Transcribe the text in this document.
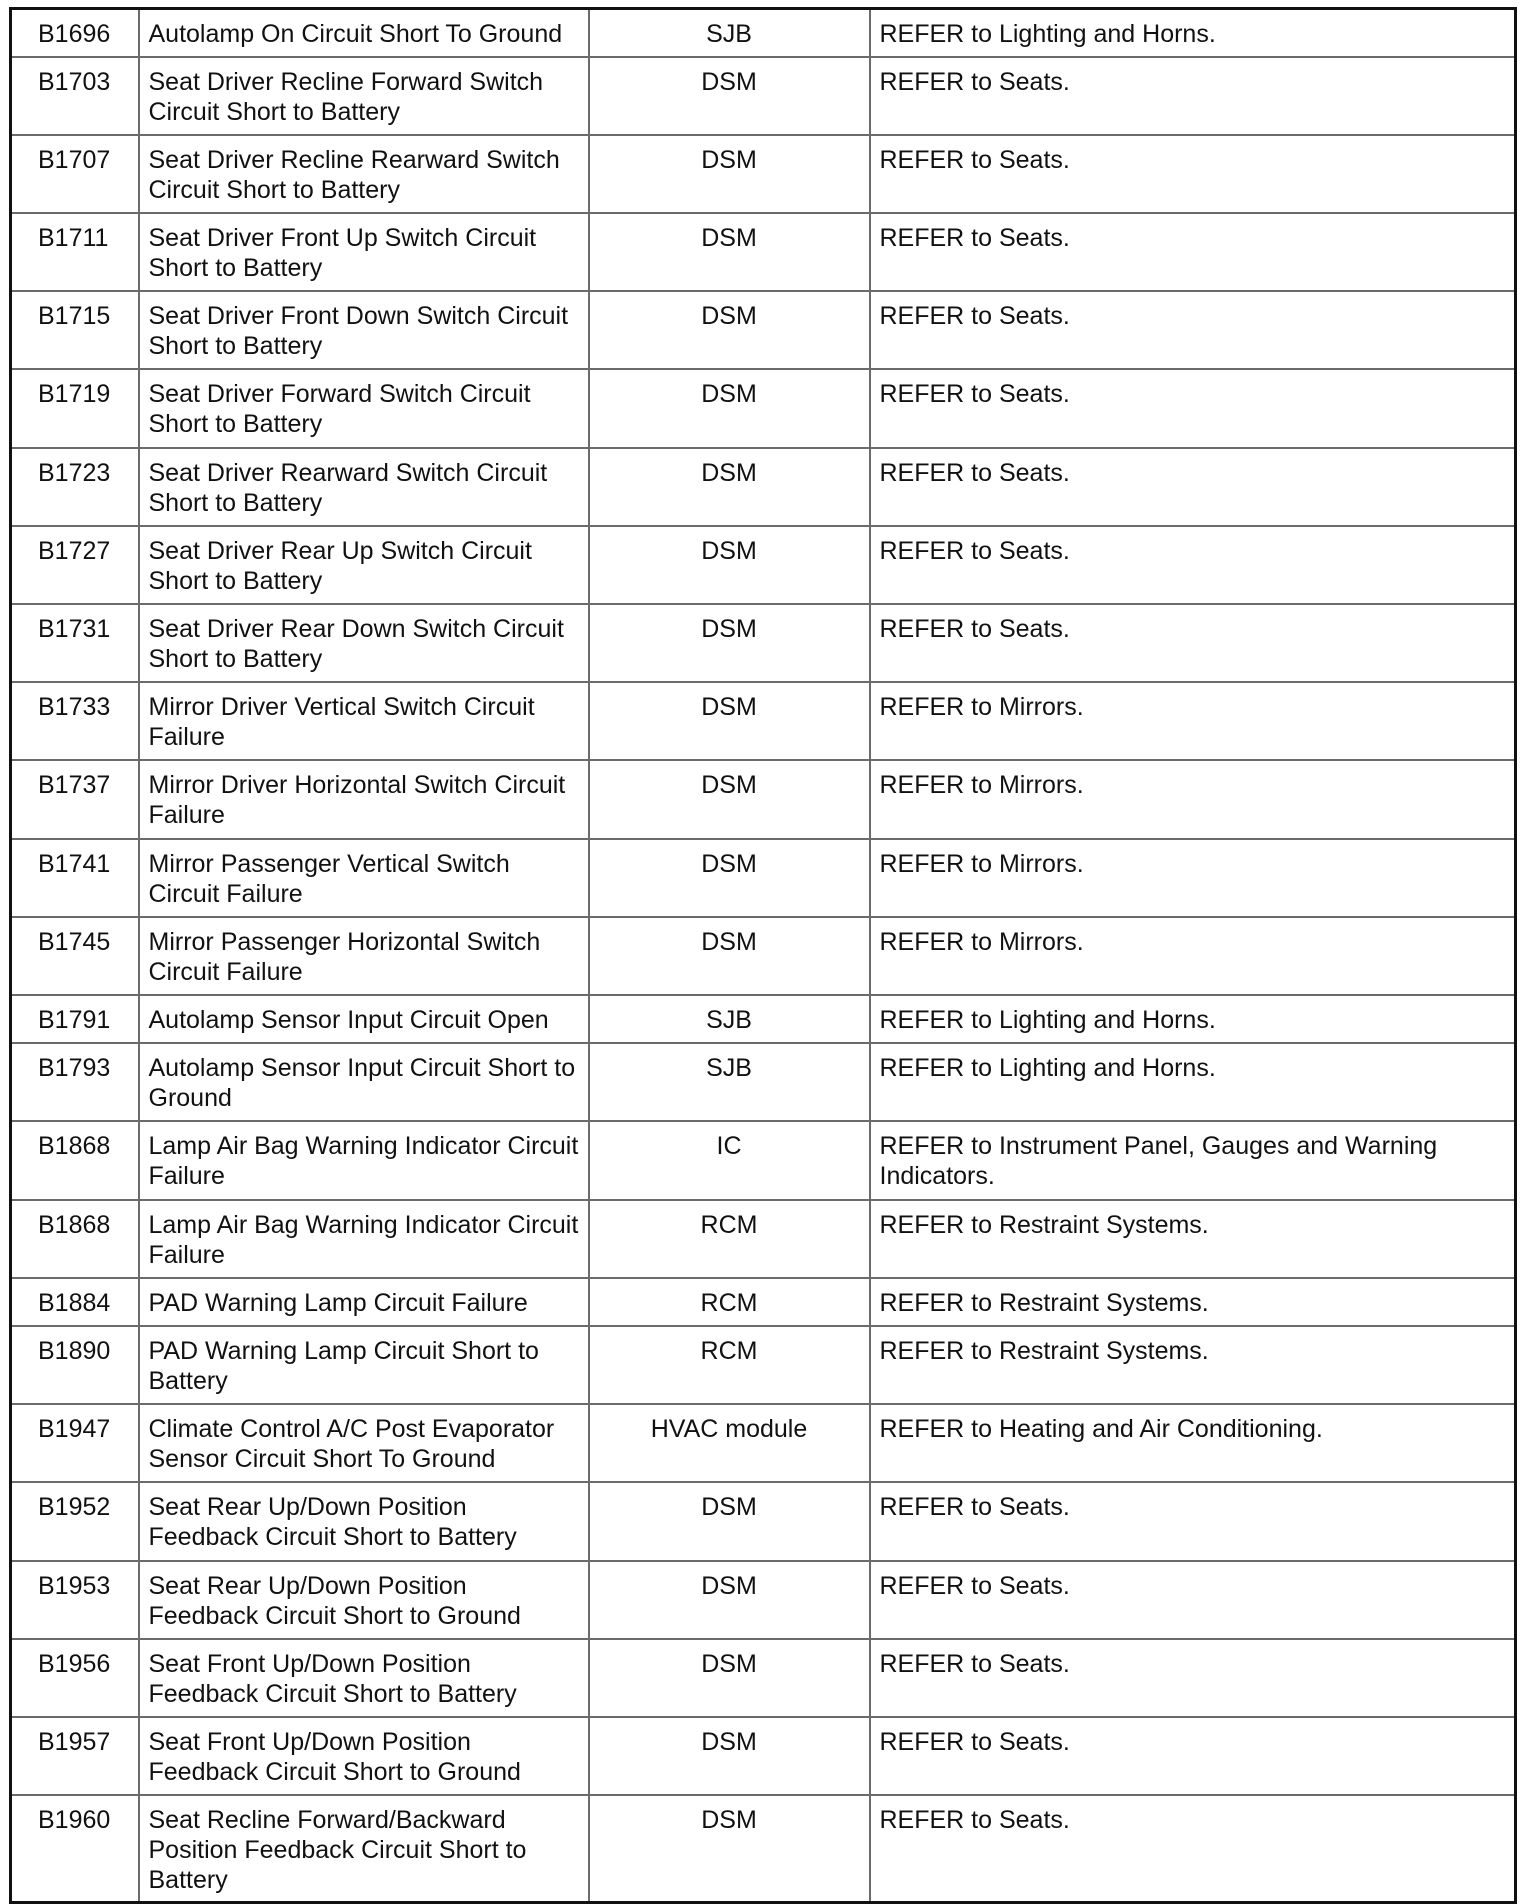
B1696	Autolamp On Circuit Short To Ground	SJB	REFER to Lighting and Horns.
B1703	Seat Driver Recline Forward Switch Circuit Short to Battery	DSM	REFER to Seats.
B1707	Seat Driver Recline Rearward Switch Circuit Short to Battery	DSM	REFER to Seats.
B1711	Seat Driver Front Up Switch Circuit Short to Battery	DSM	REFER to Seats.
B1715	Seat Driver Front Down Switch Circuit Short to Battery	DSM	REFER to Seats.
B1719	Seat Driver Forward Switch Circuit Short to Battery	DSM	REFER to Seats.
B1723	Seat Driver Rearward Switch Circuit Short to Battery	DSM	REFER to Seats.
B1727	Seat Driver Rear Up Switch Circuit Short to Battery	DSM	REFER to Seats.
B1731	Seat Driver Rear Down Switch Circuit Short to Battery	DSM	REFER to Seats.
B1733	Mirror Driver Vertical Switch Circuit Failure	DSM	REFER to Mirrors.
B1737	Mirror Driver Horizontal Switch Circuit Failure	DSM	REFER to Mirrors.
B1741	Mirror Passenger Vertical Switch Circuit Failure	DSM	REFER to Mirrors.
B1745	Mirror Passenger Horizontal Switch Circuit Failure	DSM	REFER to Mirrors.
B1791	Autolamp Sensor Input Circuit Open	SJB	REFER to Lighting and Horns.
B1793	Autolamp Sensor Input Circuit Short to Ground	SJB	REFER to Lighting and Horns.
B1868	Lamp Air Bag Warning Indicator Circuit Failure	IC	REFER to Instrument Panel, Gauges and Warning Indicators.
B1868	Lamp Air Bag Warning Indicator Circuit Failure	RCM	REFER to Restraint Systems.
B1884	PAD Warning Lamp Circuit Failure	RCM	REFER to Restraint Systems.
B1890	PAD Warning Lamp Circuit Short to Battery	RCM	REFER to Restraint Systems.
B1947	Climate Control A/C Post Evaporator Sensor Circuit Short To Ground	HVAC module	REFER to Heating and Air Conditioning.
B1952	Seat Rear Up/Down Position Feedback Circuit Short to Battery	DSM	REFER to Seats.
B1953	Seat Rear Up/Down Position Feedback Circuit Short to Ground	DSM	REFER to Seats.
B1956	Seat Front Up/Down Position Feedback Circuit Short to Battery	DSM	REFER to Seats.
B1957	Seat Front Up/Down Position Feedback Circuit Short to Ground	DSM	REFER to Seats.
B1960	Seat Recline Forward/Backward Position Feedback Circuit Short to Battery	DSM	REFER to Seats.
